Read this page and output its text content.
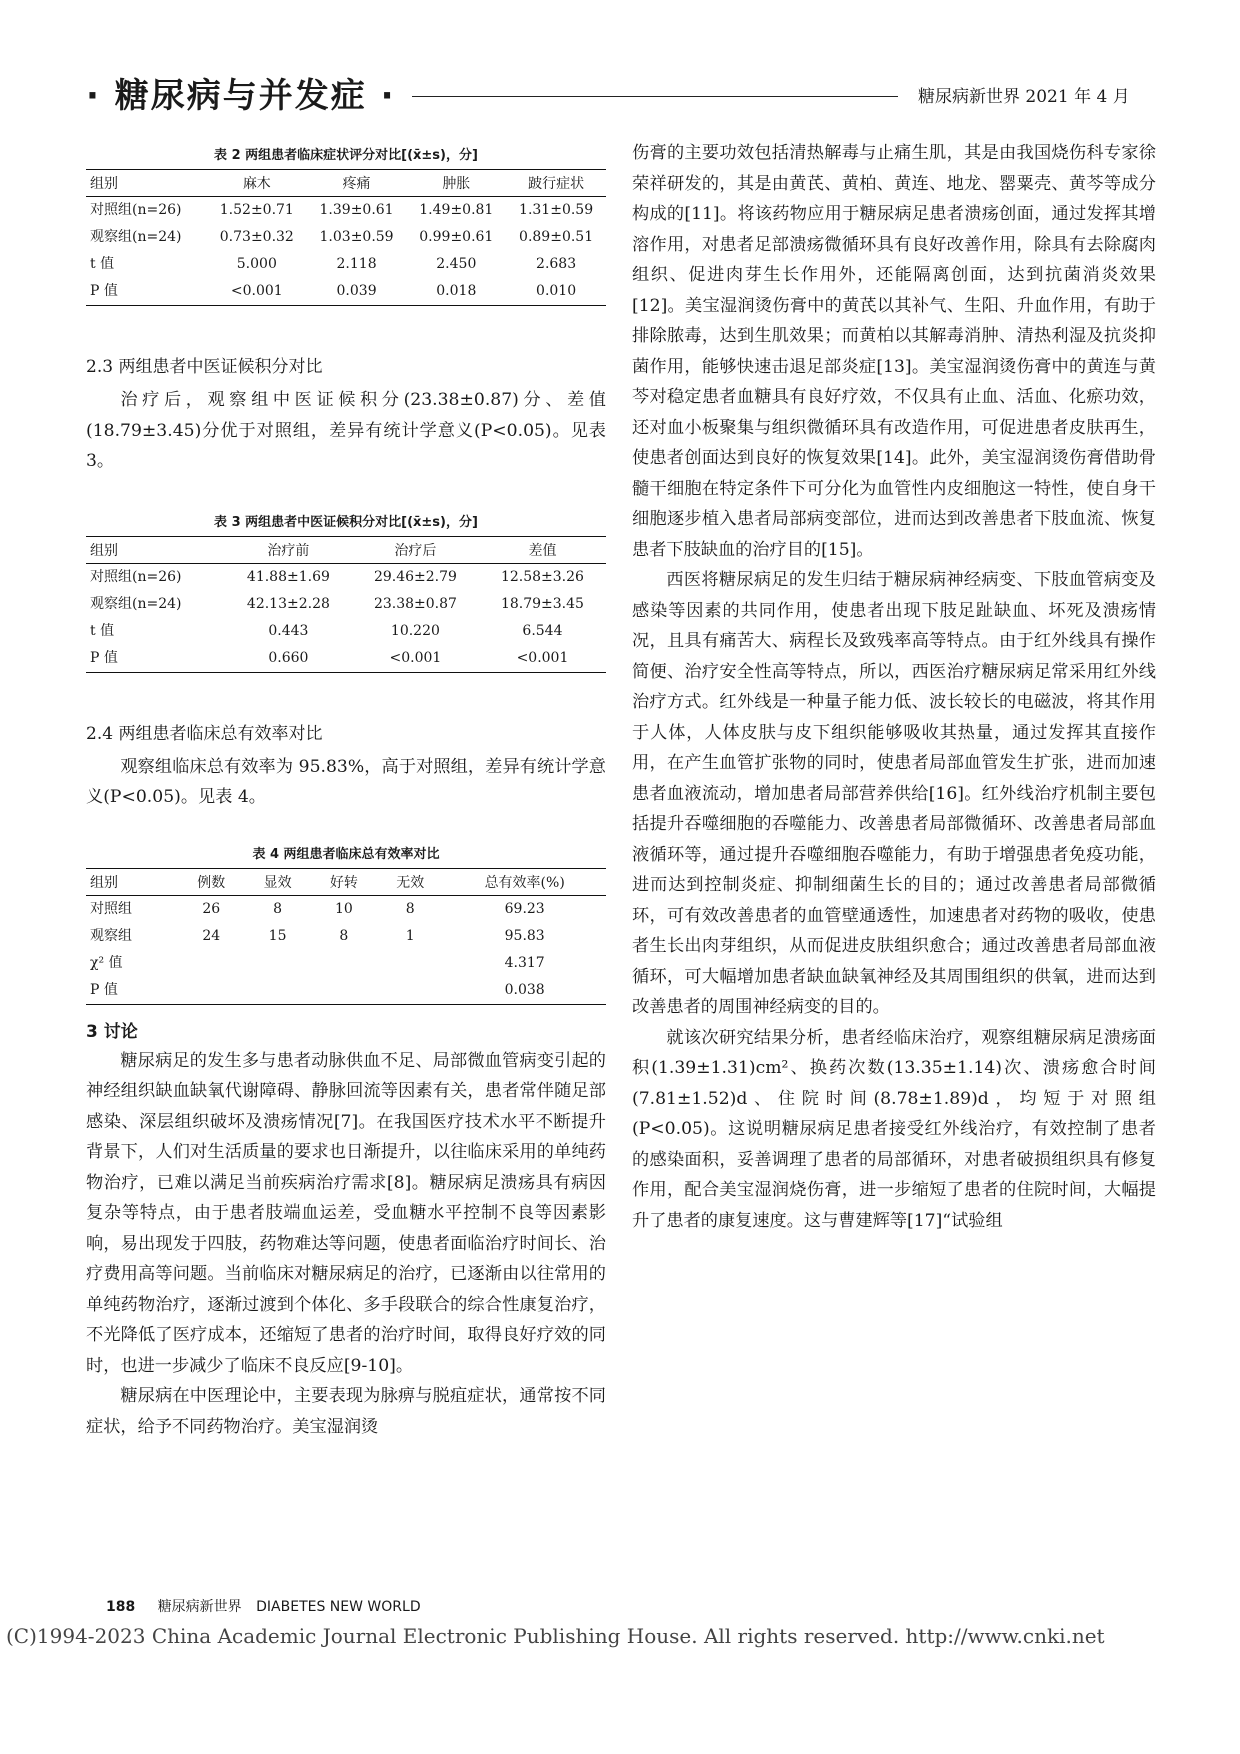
· 糖尿病与并发症 ·	糖尿病新世界 2021 年 4 月
表 2 两组患者临床症状评分对比[(x̄±s)，分]
组别	麻木	疼痛	肿胀	跛行症状
对照组(n=26)	1.52±0.71	1.39±0.61	1.49±0.81	1.31±0.59
观察组(n=24)	0.73±0.32	1.03±0.59	0.99±0.61	0.89±0.51
t 值	5.000	2.118	2.450	2.683
P 值	<0.001	0.039	0.018	0.010
2.3 两组患者中医证候积分对比

治疗后，观察组中医证候积分(23.38±0.87)分、差值(18.79±3.45)分优于对照组，差异有统计学意义(P<0.05)。见表 3。

表 3 两组患者中医证候积分对比[(x̄±s)，分]
组别	治疗前	治疗后	差值
对照组(n=26)	41.88±1.69	29.46±2.79	12.58±3.26
观察组(n=24)	42.13±2.28	23.38±0.87	18.79±3.45
t 值	0.443	10.220	6.544
P 值	0.660	<0.001	<0.001
2.4 两组患者临床总有效率对比

观察组临床总有效率为 95.83%，高于对照组，差异有统计学意义(P<0.05)。见表 4。

表 4 两组患者临床总有效率对比
组别	例数	显效	好转	无效	总有效率(%)
对照组	26	8	10	8	69.23
观察组	24	15	8	1	95.83
χ² 值					4.317
P 值					0.038
3 讨论

糖尿病足的发生多与患者动脉供血不足、局部微血管病变引起的神经组织缺血缺氧代谢障碍、静脉回流等因素有关，患者常伴随足部感染、深层组织破坏及溃疡情况[7]。在我国医疗技术水平不断提升背景下，人们对生活质量的要求也日渐提升，以往临床采用的单纯药物治疗，已难以满足当前疾病治疗需求[8]。糖尿病足溃疡具有病因复杂等特点，由于患者肢端血运差，受血糖水平控制不良等因素影响，易出现发于四肢，药物难达等问题，使患者面临治疗时间长、治疗费用高等问题。当前临床对糖尿病足的治疗，已逐渐由以往常用的单纯药物治疗，逐渐过渡到个体化、多手段联合的综合性康复治疗，不光降低了医疗成本，还缩短了患者的治疗时间，取得良好疗效的同时，也进一步减少了临床不良反应[9-10]。

糖尿病在中医理论中，主要表现为脉痹与脱疽症状，通常按不同症状，给予不同药物治疗。美宝湿润烫

伤膏的主要功效包括清热解毒与止痛生肌，其是由我国烧伤科专家徐荣祥研发的，其是由黄芪、黄柏、黄连、地龙、罂粟壳、黄芩等成分构成的[11]。将该药物应用于糖尿病足患者溃疡创面，通过发挥其增溶作用，对患者足部溃疡微循环具有良好改善作用，除具有去除腐肉组织、促进肉芽生长作用外，还能隔离创面，达到抗菌消炎效果[12]。美宝湿润烫伤膏中的黄芪以其补气、生阳、升血作用，有助于排除脓毒，达到生肌效果；而黄柏以其解毒消肿、清热利湿及抗炎抑菌作用，能够快速击退足部炎症[13]。美宝湿润烫伤膏中的黄连与黄芩对稳定患者血糖具有良好疗效，不仅具有止血、活血、化瘀功效，还对血小板聚集与组织微循环具有改造作用，可促进患者皮肤再生，使患者创面达到良好的恢复效果[14]。此外，美宝湿润烫伤膏借助骨髓干细胞在特定条件下可分化为血管性内皮细胞这一特性，使自身干细胞逐步植入患者局部病变部位，进而达到改善患者下肢血流、恢复患者下肢缺血的治疗目的[15]。

西医将糖尿病足的发生归结于糖尿病神经病变、下肢血管病变及感染等因素的共同作用，使患者出现下肢足趾缺血、坏死及溃疡情况，且具有痛苦大、病程长及致残率高等特点。由于红外线具有操作简便、治疗安全性高等特点，所以，西医治疗糖尿病足常采用红外线治疗方式。红外线是一种量子能力低、波长较长的电磁波，将其作用于人体，人体皮肤与皮下组织能够吸收其热量，通过发挥其直接作用，在产生血管扩张物的同时，使患者局部血管发生扩张，进而加速患者血液流动，增加患者局部营养供给[16]。红外线治疗机制主要包括提升吞噬细胞的吞噬能力、改善患者局部微循环、改善患者局部血液循环等，通过提升吞噬细胞吞噬能力，有助于增强患者免疫功能，进而达到控制炎症、抑制细菌生长的目的；通过改善患者局部微循环，可有效改善患者的血管壁通透性，加速患者对药物的吸收，使患者生长出肉芽组织，从而促进皮肤组织愈合；通过改善患者局部血液循环，可大幅增加患者缺血缺氧神经及其周围组织的供氧，进而达到改善患者的周围神经病变的目的。

就该次研究结果分析，患者经临床治疗，观察组糖尿病足溃疡面积(1.39±1.31)cm²、换药次数(13.35±1.14)次、溃疡愈合时间(7.81±1.52)d、住院时间(8.78±1.89)d，均短于对照组(P<0.05)。这说明糖尿病足患者接受红外线治疗，有效控制了患者的感染面积，妥善调理了患者的局部循环，对患者破损组织具有修复作用，配合美宝湿润烧伤膏，进一步缩短了患者的住院时间，大幅提升了患者的康复速度。这与曹建辉等[17]“试验组

188 糖尿病新世界 DIABETES NEW WORLD
(C)1994-2023 China Academic Journal Electronic Publishing House. All rights reserved. http://www.cnki.net
